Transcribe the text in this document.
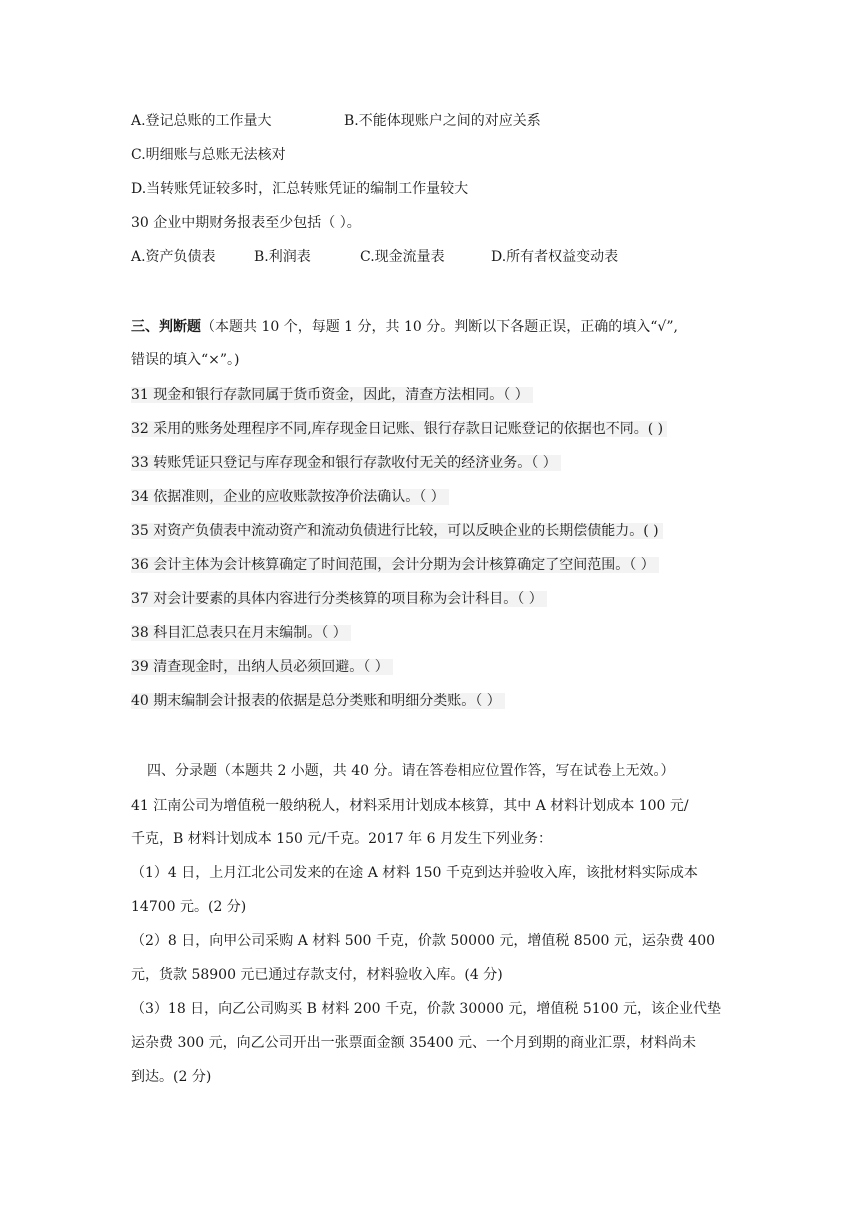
A.登记总账的工作量大	B.不能体现账户之间的对应关系
C.明细账与总账无法核对
D.当转账凭证较多时，汇总转账凭证的编制工作量较大
30 企业中期财务报表至少包括（ ）。
A.资产负债表	B.利润表	C.现金流量表	D.所有者权益变动表
三、判断题（本题共 10 个，每题 1 分，共 10 分。判断以下各题正误，正确的填入“√”,
错误的填入“×”。)
31 现金和银行存款同属于货币资金，因此，清查方法相同。（ ）
32 采用的账务处理程序不同,库存现金日记账、银行存款日记账登记的依据也不同。( )
33 转账凭证只登记与库存现金和银行存款收付无关的经济业务。（ ）
34 依据准则，企业的应收账款按净价法确认。（ ）
35 对资产负债表中流动资产和流动负债进行比较，可以反映企业的长期偿债能力。( )
36 会计主体为会计核算确定了时间范围，会计分期为会计核算确定了空间范围。（ ）
37 对会计要素的具体内容进行分类核算的项目称为会计科目。（ ）
38 科目汇总表只在月末编制。（ ）
39 清查现金时，出纳人员必须回避。（ ）
40 期末编制会计报表的依据是总分类账和明细分类账。（ ）
四、分录题（本题共 2 小题，共 40 分。请在答卷相应位置作答，写在试卷上无效。）
41 江南公司为增值税一般纳税人，材料采用计划成本核算，其中 A 材料计划成本 100 元/
千克，B 材料计划成本 150 元/千克。2017 年 6 月发生下列业务：
（1）4 日，上月江北公司发来的在途 A 材料 150 千克到达并验收入库，该批材料实际成本
14700 元。(2 分)
（2）8 日，向甲公司采购 A 材料 500 千克，价款 50000 元，增值税 8500 元，运杂费 400
元，货款 58900 元已通过存款支付，材料验收入库。(4 分)
（3）18 日，向乙公司购买 B 材料 200 千克，价款 30000 元，增值税 5100 元，该企业代垫
运杂费 300 元，向乙公司开出一张票面金额 35400 元、一个月到期的商业汇票，材料尚未
到达。(2 分)
